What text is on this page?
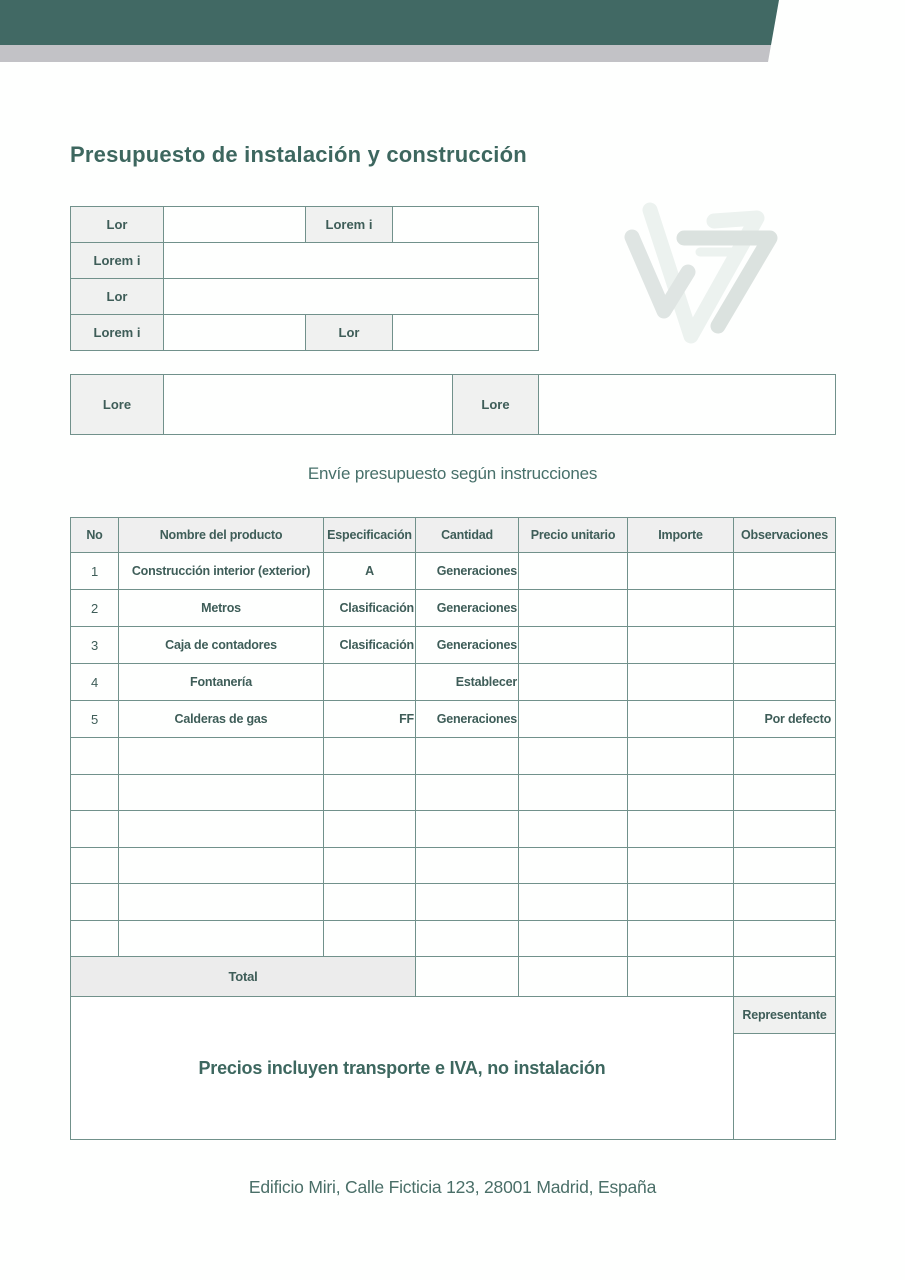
Presupuesto de instalación y construcción
Lor		Lorem i	
Lorem i			
Lor			
Lorem i		Lor	
Lore		Lore	
Envíe presupuesto según instrucciones
No	Nombre del producto	Especificación	Cantidad	Precio unitario	Importe	Observaciones
1	Construcción interior (exterior)	A	Generaciones			
2	Metros	Clasificación	Generaciones			
3	Caja de contadores	Clasificación	Generaciones			
4	Fontanería		Establecer			
5	Calderas de gas	FF	Generaciones			Por defecto

Total						
Precios incluyen transporte e IVA, no instalación						Representante

Edificio Miri, Calle Ficticia 123, 28001 Madrid, España
